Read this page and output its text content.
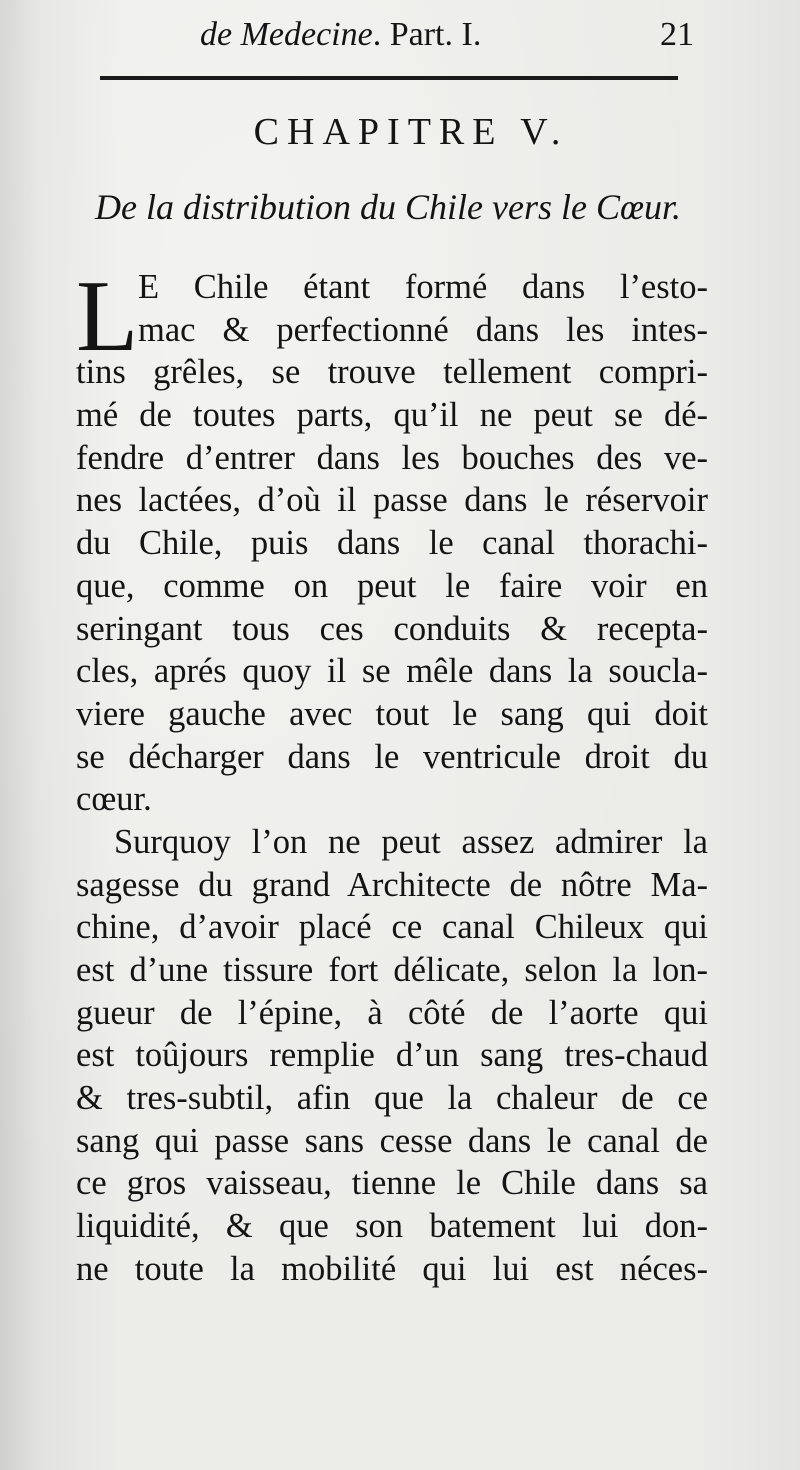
de Medecine. Part. I.	21
CHAPITRE V.
De la distribution du Chile vers le Cœur.
L E Chile étant formé dans l’esto-
mac & perfectionné dans les intes-
tins grêles, se trouve tellement compri-
mé de toutes parts, qu’il ne peut se dé-
fendre d’entrer dans les bouches des ve-
nes lactées, d’où il passe dans le réservoir
du Chile, puis dans le canal thorachi-
que, comme on peut le faire voir en
seringant tous ces conduits & recepta-
cles, aprés quoy il se mêle dans la soucla-
viere gauche avec tout le sang qui doit
se décharger dans le ventricule droit du
cœur.
Surquoy l’on ne peut assez admirer la
sagesse du grand Architecte de nôtre Ma-
chine, d’avoir placé ce canal Chileux qui
est d’une tissure fort délicate, selon la lon-
gueur de l’épine, à côté de l’aorte qui
est toûjours remplie d’un sang tres-chaud
& tres-subtil, afin que la chaleur de ce
sang qui passe sans cesse dans le canal de
ce gros vaisseau, tienne le Chile dans sa
liquidité, & que son batement lui don-
ne toute la mobilité qui lui est néces-
